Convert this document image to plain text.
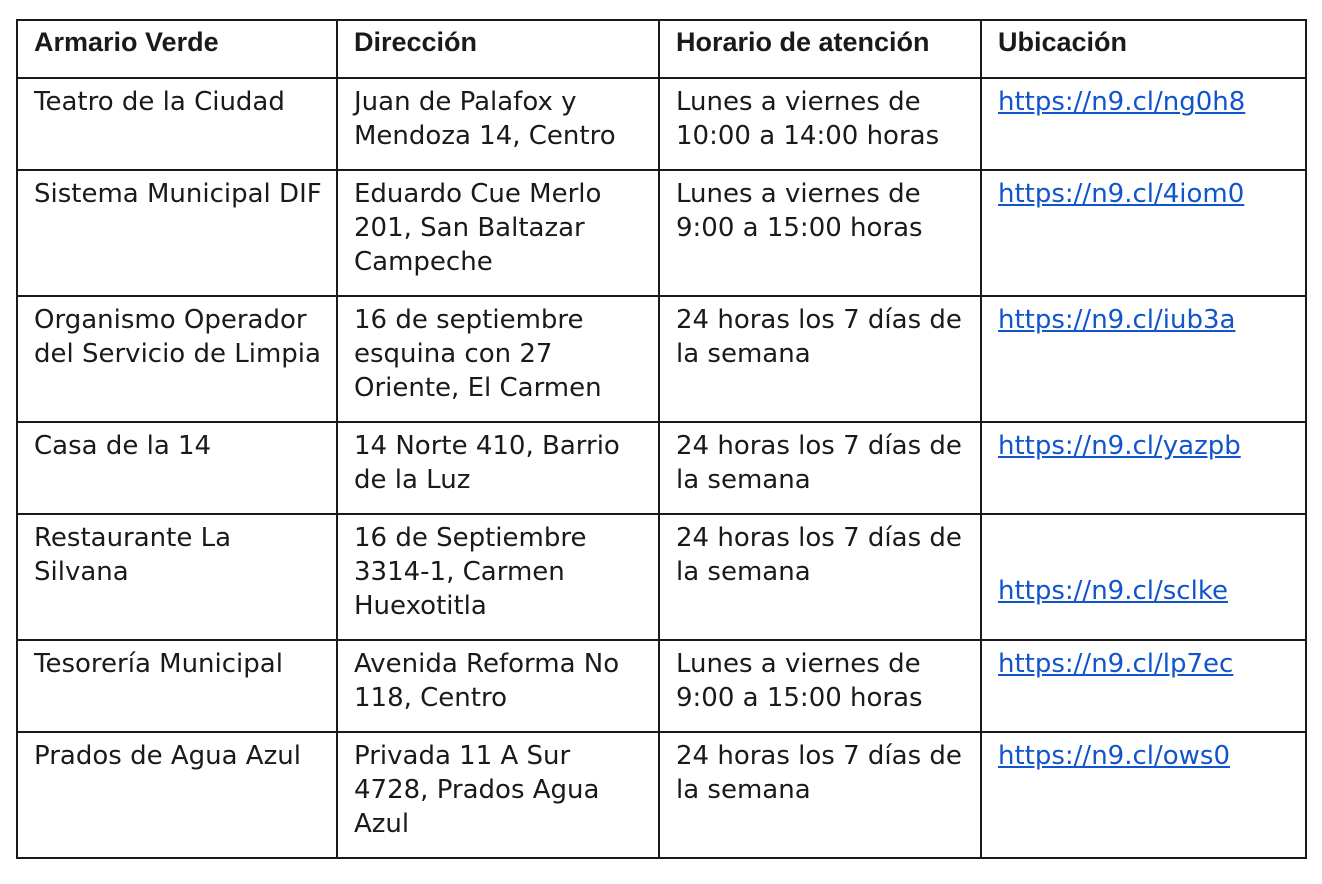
Armario Verde	Dirección	Horario de atención	Ubicación
Teatro de la Ciudad	Juan de Palafox y Mendoza 14, Centro	Lunes a viernes de 10:00 a 14:00 horas	https://n9.cl/ng0h8
Sistema Municipal DIF	Eduardo Cue Merlo 201, San Baltazar Campeche	Lunes a viernes de 9:00 a 15:00 horas	https://n9.cl/4iom0
Organismo Operador del Servicio de Limpia	16 de septiembre esquina con 27 Oriente, El Carmen	24 horas los 7 días de la semana	https://n9.cl/iub3a
Casa de la 14	14 Norte 410, Barrio de la Luz	24 horas los 7 días de la semana	https://n9.cl/yazpb
Restaurante La Silvana	16 de Septiembre 3314-1, Carmen Huexotitla	24 horas los 7 días de la semana	https://n9.cl/sclke
Tesorería Municipal	Avenida Reforma No 118, Centro	Lunes a viernes de 9:00 a 15:00 horas	https://n9.cl/lp7ec
Prados de Agua Azul	Privada 11 A Sur 4728, Prados Agua Azul	24 horas los 7 días de la semana	https://n9.cl/ows0
